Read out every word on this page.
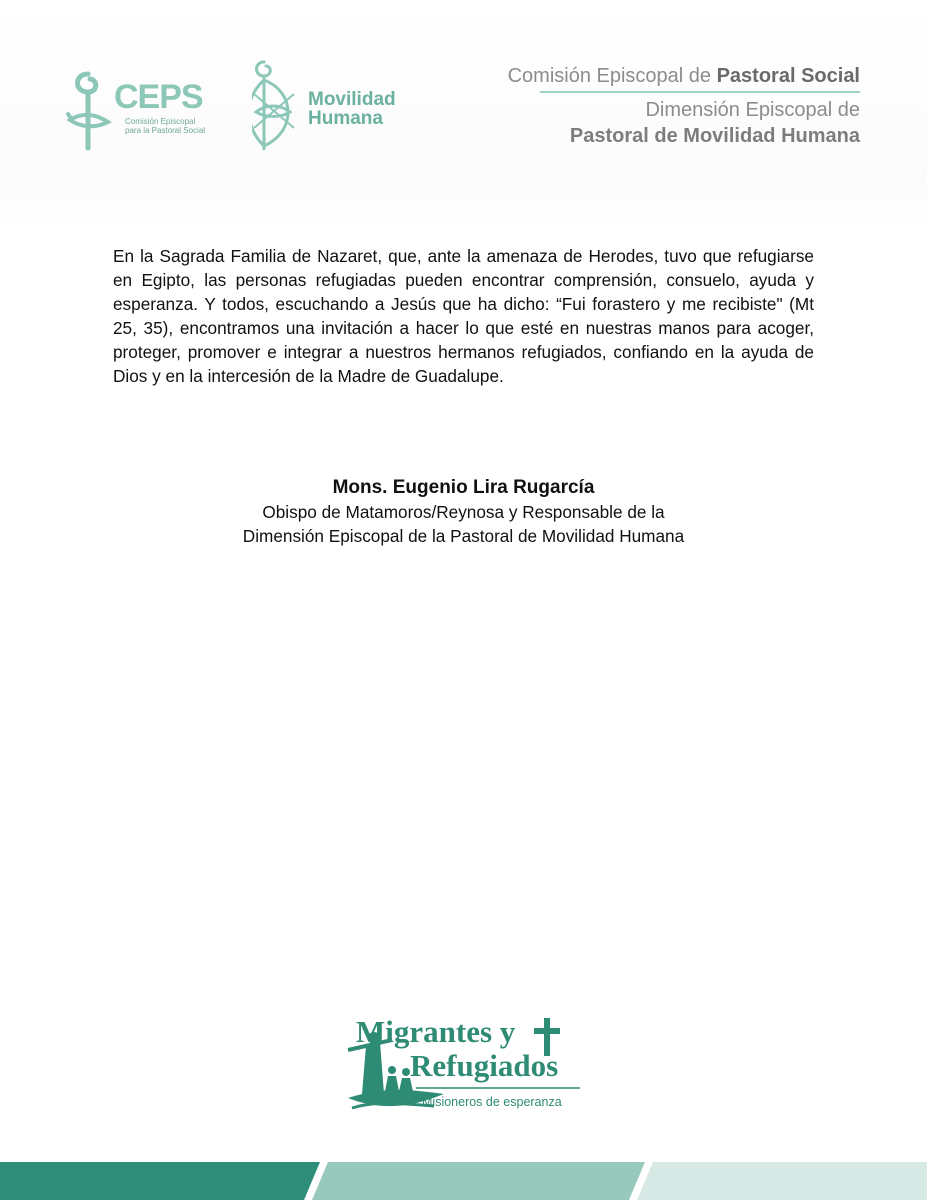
CEPS
Comisión Episcopal
para la Pastoral Social
Movilidad
Humana
Comisión Episcopal de Pastoral Social
Dimensión Episcopal de
Pastoral de Movilidad Humana

En la Sagrada Familia de Nazaret, que, ante la amenaza de Herodes, tuvo que refugiarse en Egipto, las personas refugiadas pueden encontrar comprensión, consuelo, ayuda y esperanza. Y todos, escuchando a Jesús que ha dicho: “Fui forastero y me recibiste" (Mt 25, 35), encontramos una invitación a hacer lo que esté en nuestras manos para acoger, proteger, promover e integrar a nuestros hermanos refugiados, confiando en la ayuda de Dios y en la intercesión de la Madre de Guadalupe.

Mons. Eugenio Lira Rugarcía
Obispo de Matamoros/Reynosa y Responsable de la
Dimensión Episcopal de la Pastoral de Movilidad Humana
Migrantes y
Refugiados
Misioneros de esperanza
